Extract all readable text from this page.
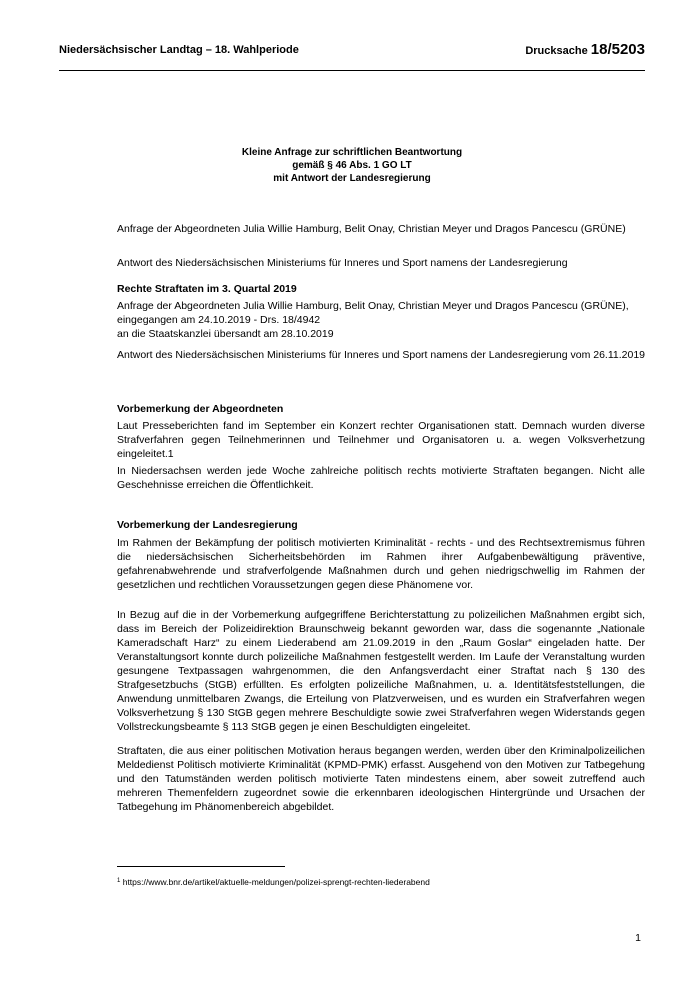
Niedersächsischer Landtag – 18. Wahlperiode	Drucksache 18/5203
Kleine Anfrage zur schriftlichen Beantwortung
gemäß § 46 Abs. 1 GO LT
mit Antwort der Landesregierung

Anfrage der Abgeordneten Julia Willie Hamburg, Belit Onay, Christian Meyer und Dragos Pancescu (GRÜNE)

Antwort des Niedersächsischen Ministeriums für Inneres und Sport namens der Landesregierung

Rechte Straftaten im 3. Quartal 2019

Anfrage der Abgeordneten Julia Willie Hamburg, Belit Onay, Christian Meyer und Dragos Pancescu (GRÜNE), eingegangen am 24.10.2019 - Drs. 18/4942

an die Staatskanzlei übersandt am 28.10.2019

Antwort des Niedersächsischen Ministeriums für Inneres und Sport namens der Landesregierung vom 26.11.2019

Vorbemerkung der Abgeordneten

Laut Presseberichten fand im September ein Konzert rechter Organisationen statt. Demnach wurden diverse Strafverfahren gegen Teilnehmerinnen und Teilnehmer und Organisatoren u. a. wegen Volksverhetzung eingeleitet.1

In Niedersachsen werden jede Woche zahlreiche politisch rechts motivierte Straftaten begangen. Nicht alle Geschehnisse erreichen die Öffentlichkeit.

Vorbemerkung der Landesregierung

Im Rahmen der Bekämpfung der politisch motivierten Kriminalität - rechts - und des Rechtsextremismus führen die niedersächsischen Sicherheitsbehörden im Rahmen ihrer Aufgabenbewältigung präventive, gefahrenabwehrende und strafverfolgende Maßnahmen durch und gehen niedrigschwellig im Rahmen der gesetzlichen und rechtlichen Voraussetzungen gegen diese Phänomene vor.

In Bezug auf die in der Vorbemerkung aufgegriffene Berichterstattung zu polizeilichen Maßnahmen ergibt sich, dass im Bereich der Polizeidirektion Braunschweig bekannt geworden war, dass die sogenannte „Nationale Kameradschaft Harz“ zu einem Liederabend am 21.09.2019 in den „Raum Goslar“ eingeladen hatte. Der Veranstaltungsort konnte durch polizeiliche Maßnahmen festgestellt werden. Im Laufe der Veranstaltung wurden gesungene Textpassagen wahrgenommen, die den Anfangsverdacht einer Straftat nach § 130 des Strafgesetzbuchs (StGB) erfüllten. Es erfolgten polizeiliche Maßnahmen, u. a. Identitätsfeststellungen, die Anwendung unmittelbaren Zwangs, die Erteilung von Platzverweisen, und es wurden ein Strafverfahren wegen Volksverhetzung § 130 StGB gegen mehrere Beschuldigte sowie zwei Strafverfahren wegen Widerstands gegen Vollstreckungsbeamte § 113 StGB gegen je einen Beschuldigten eingeleitet.

Straftaten, die aus einer politischen Motivation heraus begangen werden, werden über den Kriminalpolizeilichen Meldedienst Politisch motivierte Kriminalität (KPMD-PMK) erfasst. Ausgehend von den Motiven zur Tatbegehung und den Tatumständen werden politisch motivierte Taten mindestens einem, aber soweit zutreffend auch mehreren Themenfeldern zugeordnet sowie die erkennbaren ideologischen Hintergründe und Ursachen der Tatbegehung im Phänomenbereich abgebildet.

$^1$ https://www.bnr.de/artikel/aktuelle-meldungen/polizei-sprengt-rechten-liederabend
1
